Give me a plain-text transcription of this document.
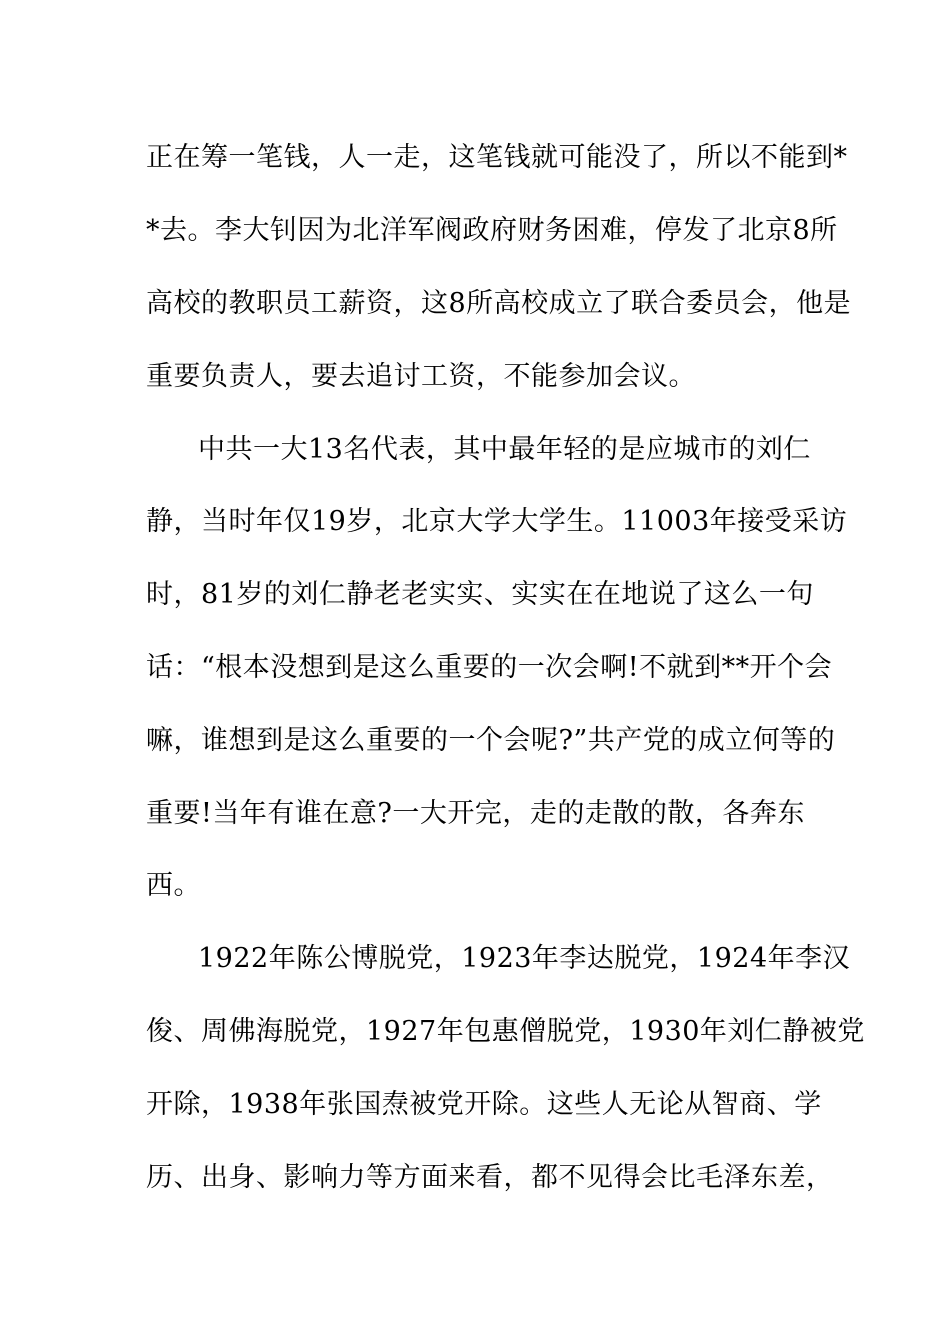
正在筹一笔钱，人一走，这笔钱就可能没了，所以不能到*
*去。李大钊因为北洋军阀政府财务困难，停发了北京8所
高校的教职员工薪资，这8所高校成立了联合委员会，他是
重要负责人，要去追讨工资，不能参加会议。
中共一大13名代表，其中最年轻的是应城市的刘仁
静，当时年仅19岁，北京大学大学生。11003年接受采访
时，81岁的刘仁静老老实实、实实在在地说了这么一句
话：“根本没想到是这么重要的一次会啊!不就到**开个会
嘛，谁想到是这么重要的一个会呢?”共产党的成立何等的
重要!当年有谁在意?一大开完，走的走散的散，各奔东
西。
1922年陈公博脱党，1923年李达脱党，1924年李汉
俊、周佛海脱党，1927年包惠僧脱党，1930年刘仁静被党
开除，1938年张国焘被党开除。这些人无论从智商、学
历、出身、影响力等方面来看，都不见得会比毛泽东差，
